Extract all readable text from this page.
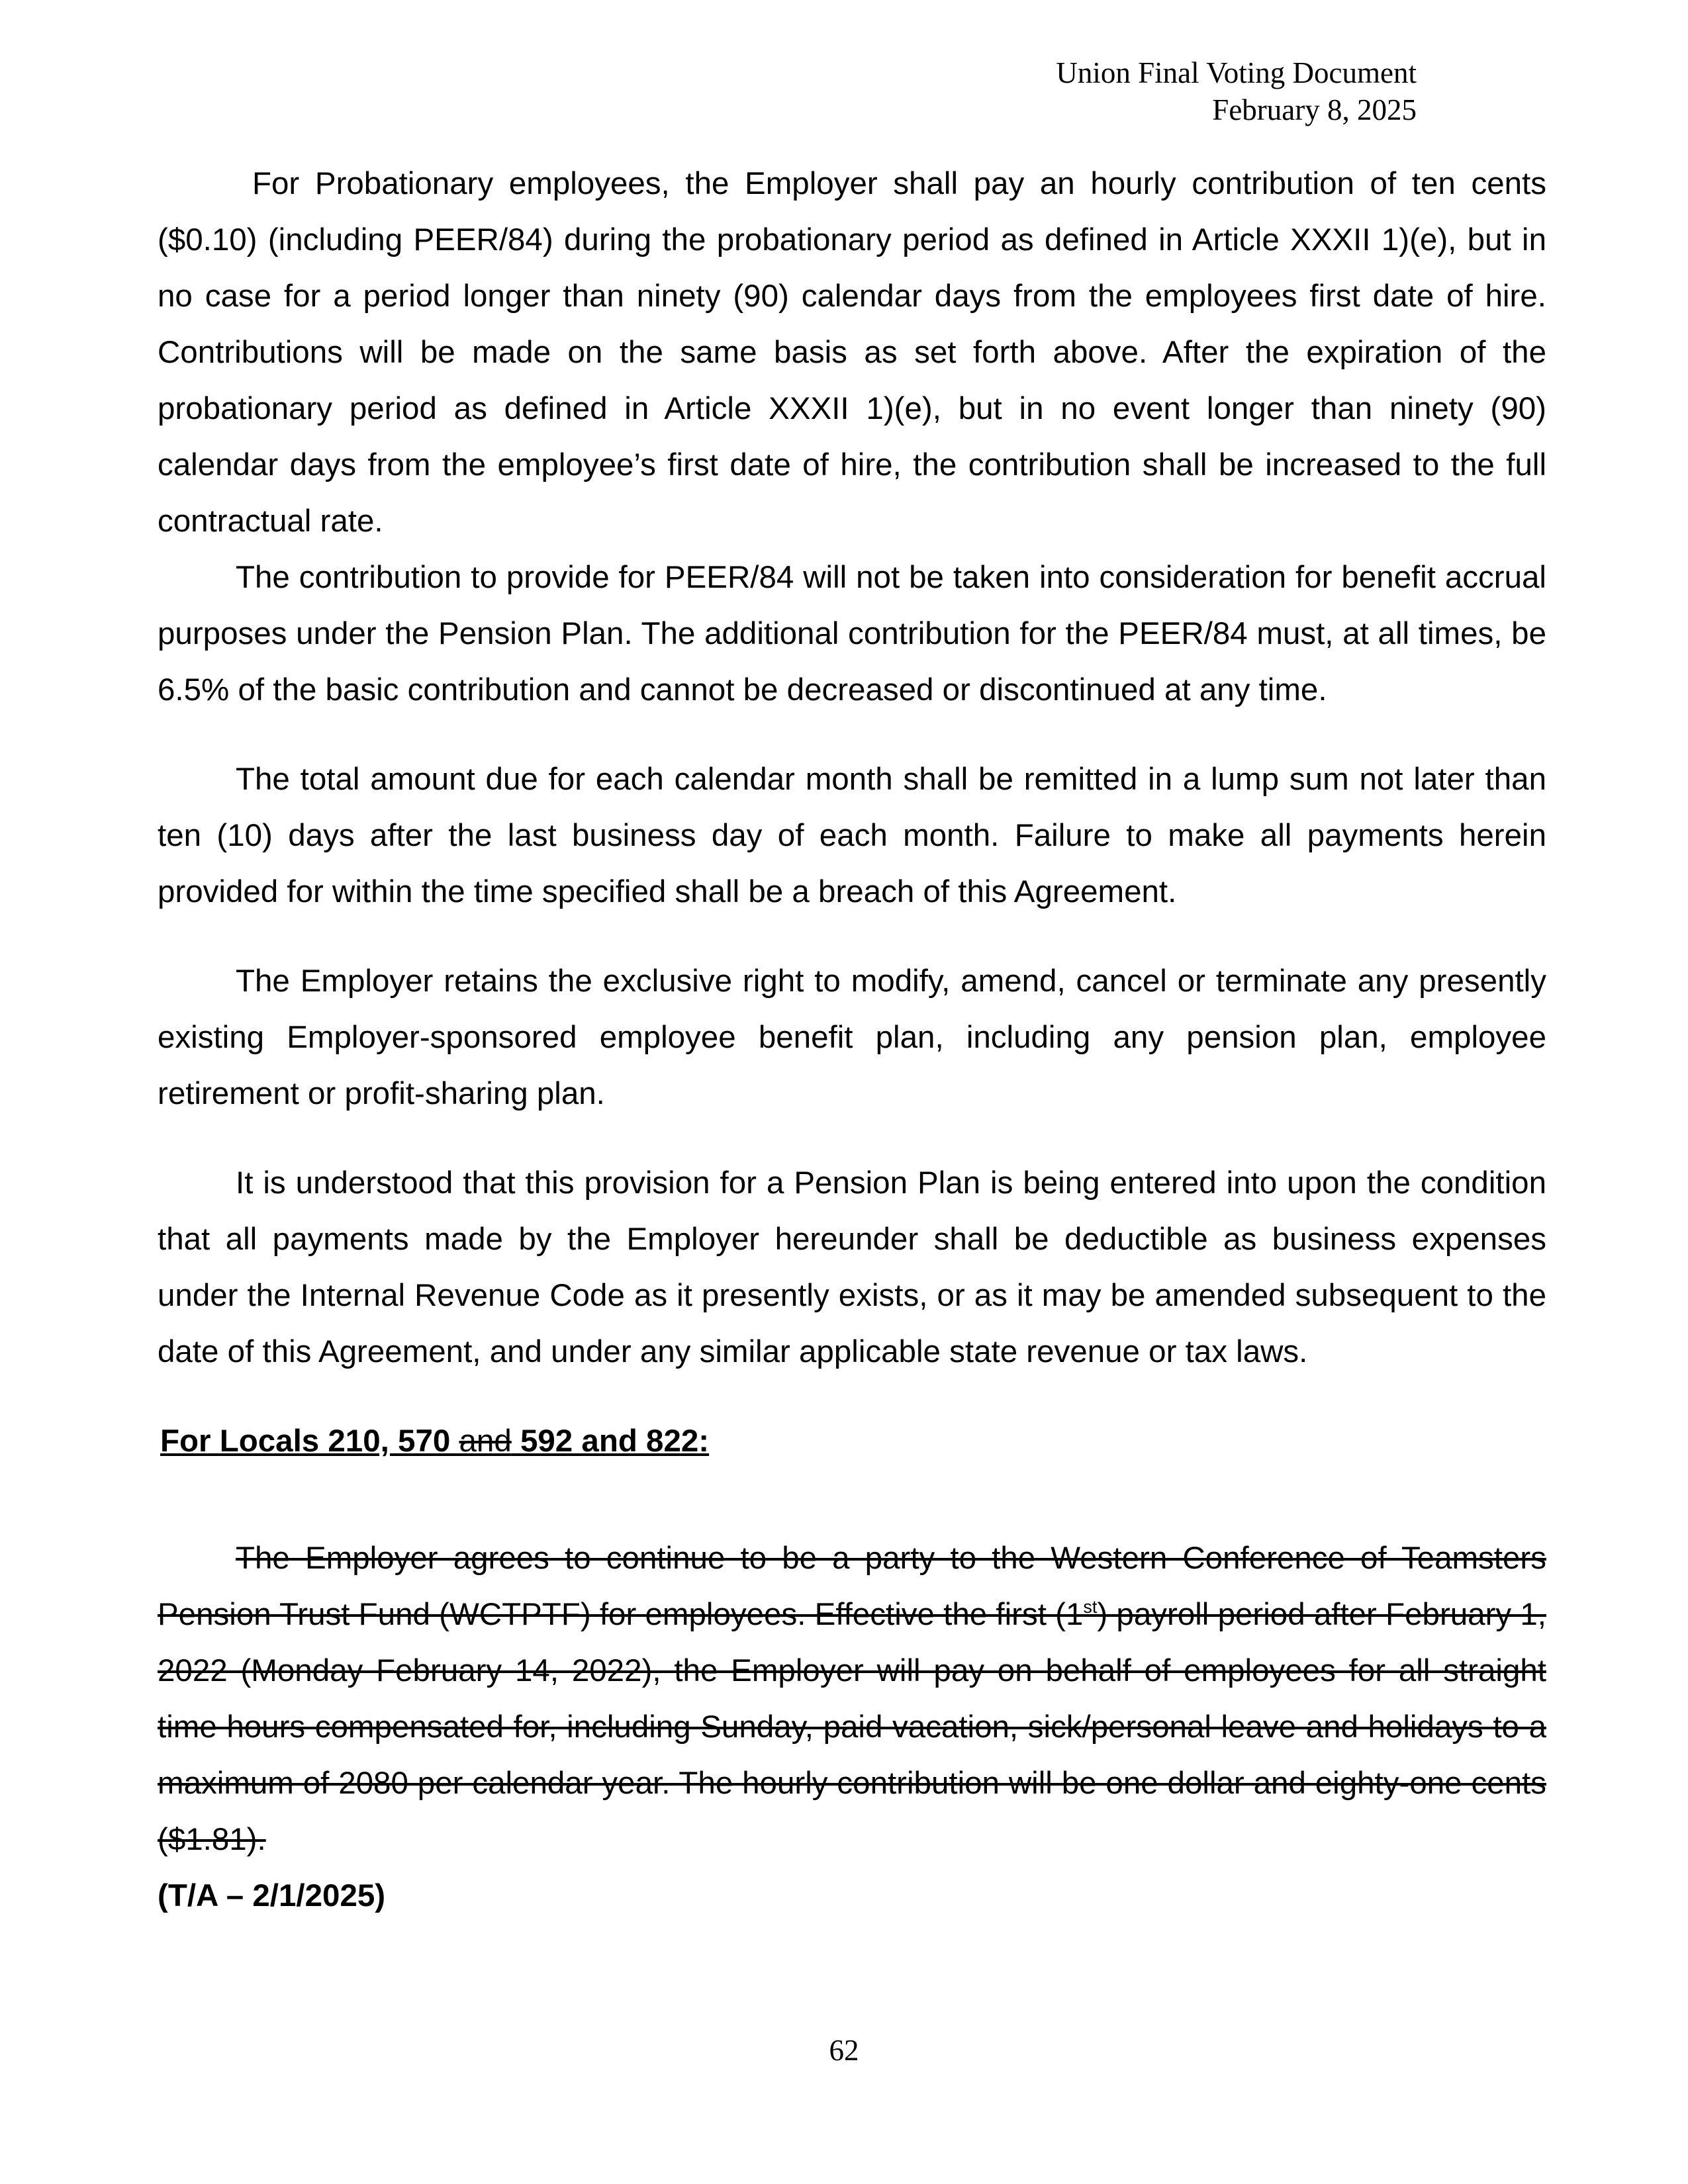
Union Final Voting Document
February 8, 2025

For Probationary employees, the Employer shall pay an hourly contribution of ten cents ($0.10) (including PEER/84) during the probationary period as defined in Article XXXII 1)(e), but in no case for a period longer than ninety (90) calendar days from the employees first date of hire. Contributions will be made on the same basis as set forth above. After the expiration of the probationary period as defined in Article XXXII 1)(e), but in no event longer than ninety (90) calendar days from the employee’s first date of hire, the contribution shall be increased to the full contractual rate.

The contribution to provide for PEER/84 will not be taken into consideration for benefit accrual purposes under the Pension Plan. The additional contribution for the PEER/84 must, at all times, be 6.5% of the basic contribution and cannot be decreased or discontinued at any time.

The total amount due for each calendar month shall be remitted in a lump sum not later than ten (10) days after the last business day of each month. Failure to make all payments herein provided for within the time specified shall be a breach of this Agreement.

The Employer retains the exclusive right to modify, amend, cancel or terminate any presently existing Employer-sponsored employee benefit plan, including any pension plan, employee retirement or profit-sharing plan.

It is understood that this provision for a Pension Plan is being entered into upon the condition that all payments made by the Employer hereunder shall be deductible as business expenses under the Internal Revenue Code as it presently exists, or as it may be amended subsequent to the date of this Agreement, and under any similar applicable state revenue or tax laws.

For Locals 210, 570 and 592 and 822:

The Employer agrees to continue to be a party to the Western Conference of Teamsters Pension Trust Fund (WCTPTF) for employees. Effective the first (1st) payroll period after February 1, 2022 (Monday February 14, 2022), the Employer will pay on behalf of employees for all straight time hours compensated for, including Sunday, paid vacation, sick/personal leave and holidays to a maximum of 2080 per calendar year. The hourly contribution will be one dollar and eighty-one cents ($1.81).

(T/A – 2/1/2025)

62
